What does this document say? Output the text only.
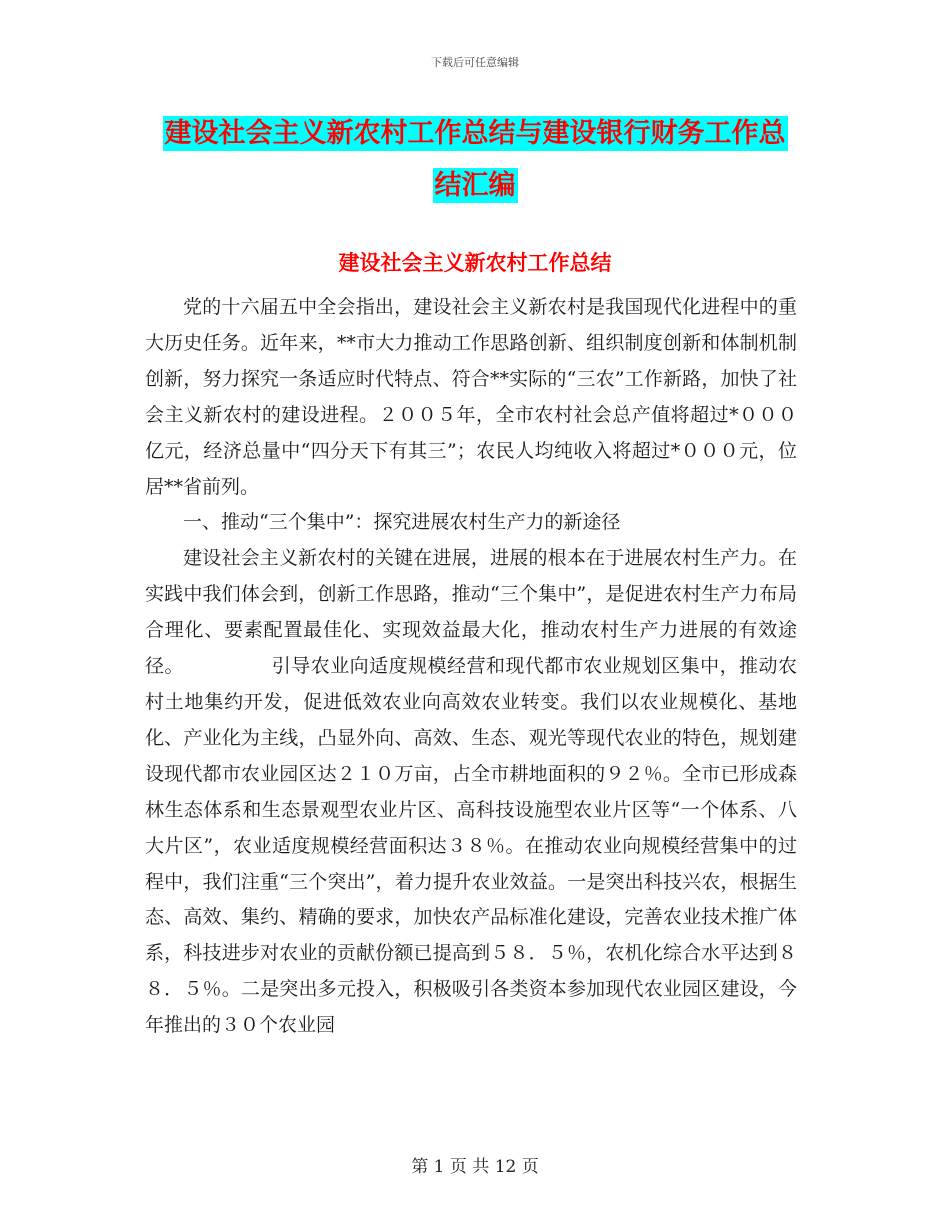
下载后可任意编辑
建设社会主义新农村工作总结与建设银行财务工作总
结汇编
建设社会主义新农村工作总结

党的十六届五中全会指出，建设社会主义新农村是我国现代化进程中的重大历史任务。近年来，**市大力推动工作思路创新、组织制度创新和体制机制创新，努力探究一条适应时代特点、符合**实际的“三农”工作新路，加快了社会主义新农村的建设进程。２００５年，全市农村社会总产值将超过*０００亿元，经济总量中“四分天下有其三”；农民人均纯收入将超过*０００元，位居**省前列。

一、推动“三个集中”：探究进展农村生产力的新途径

建设社会主义新农村的关键在进展，进展的根本在于进展农村生产力。在实践中我们体会到，创新工作思路，推动“三个集中”，是促进农村生产力布局合理化、要素配置最佳化、实现效益最大化，推动农村生产力进展的有效途径。　　　　　引导农业向适度规模经营和现代都市农业规划区集中，推动农村土地集约开发，促进低效农业向高效农业转变。我们以农业规模化、基地化、产业化为主线，凸显外向、高效、生态、观光等现代农业的特色，规划建设现代都市农业园区达２１０万亩，占全市耕地面积的９２％。全市已形成森林生态体系和生态景观型农业片区、高科技设施型农业片区等“一个体系、八大片区”，农业适度规模经营面积达３８％。在推动农业向规模经营集中的过程中，我们注重“三个突出”，着力提升农业效益。一是突出科技兴农，根据生态、高效、集约、精确的要求，加快农产品标准化建设，完善农业技术推广体系，科技进步对农业的贡献份额已提高到５８．５％，农机化综合水平达到８８．５％。二是突出多元投入，积极吸引各类资本参加现代农业园区建设，今年推出的３０个农业园

第 1 页 共 12 页
